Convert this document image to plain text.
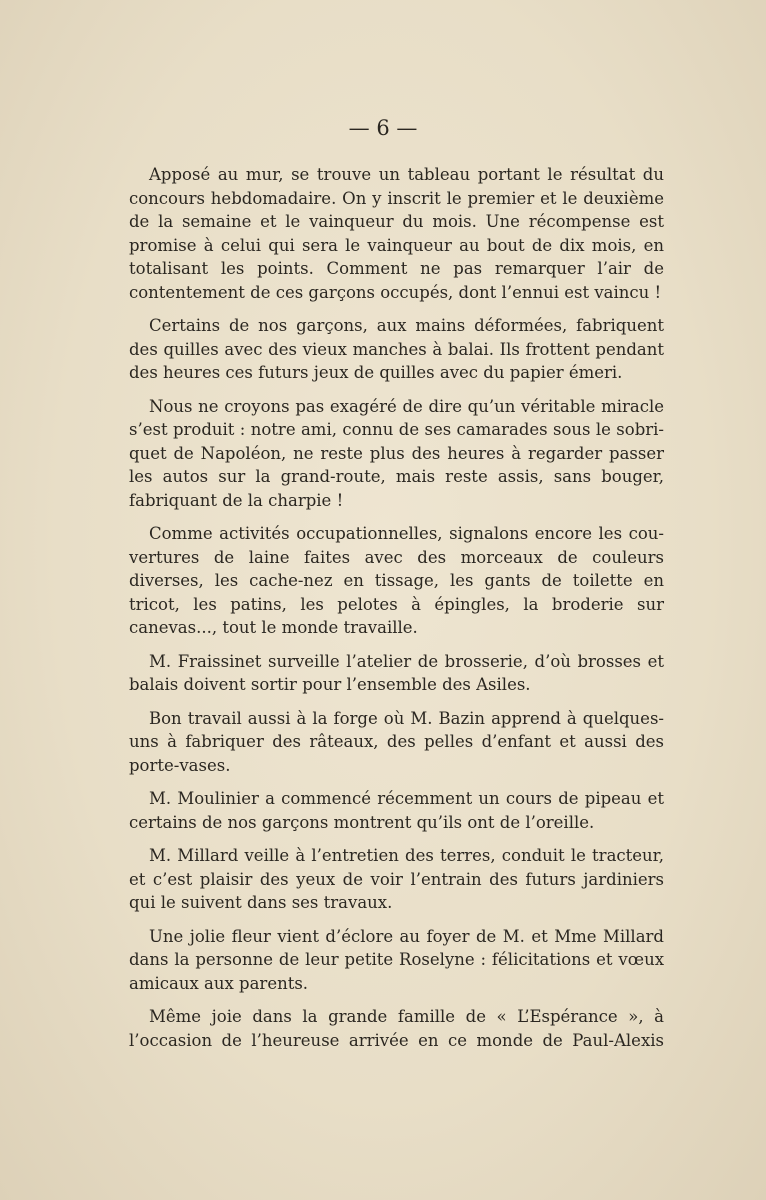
— 6 —

Apposé au mur, se trouve un tableau portant le résultat du concours hebdomadaire. On y inscrit le premier et le deuxième de la semaine et le vainqueur du mois. Une récompense est promise à celui qui sera le vainqueur au bout de dix mois, en totalisant les points. Comment ne pas remarquer l’air de contentement de ces garçons occupés, dont l’ennui est vaincu !

Certains de nos garçons, aux mains déformées, fabriquent des quilles avec des vieux manches à balai. Ils frottent pendant des heures ces futurs jeux de quilles avec du papier émeri.

Nous ne croyons pas exagéré de dire qu’un véritable miracle s’est produit : notre ami, connu de ses camarades sous le sobriquet de Napoléon, ne reste plus des heures à regarder passer les autos sur la grand-route, mais reste assis, sans bouger, fabriquant de la charpie !

Comme activités occupationnelles, signalons encore les couvertures de laine faites avec des morceaux de couleurs diverses, les cache-nez en tissage, les gants de toilette en tricot, les patins, les pelotes à épingles, la broderie sur canevas..., tout le monde travaille.

M. Fraissinet surveille l’atelier de brosserie, d’où brosses et balais doivent sortir pour l’ensemble des Asiles.

Bon travail aussi à la forge où M. Bazin apprend à quelques-uns à fabriquer des râteaux, des pelles d’enfant et aussi des porte-vases.

M. Moulinier a commencé récemment un cours de pipeau et certains de nos garçons montrent qu’ils ont de l’oreille.

M. Millard veille à l’entretien des terres, conduit le tracteur, et c’est plaisir des yeux de voir l’entrain des futurs jardiniers qui le suivent dans ses travaux.

Une jolie fleur vient d’éclore au foyer de M. et Mme Millard dans la personne de leur petite Roselyne : félicitations et vœux amicaux aux parents.

Même joie dans la grande famille de « L’Espérance », à l’occasion de l’heureuse arrivée en ce monde de Paul-Alexis
